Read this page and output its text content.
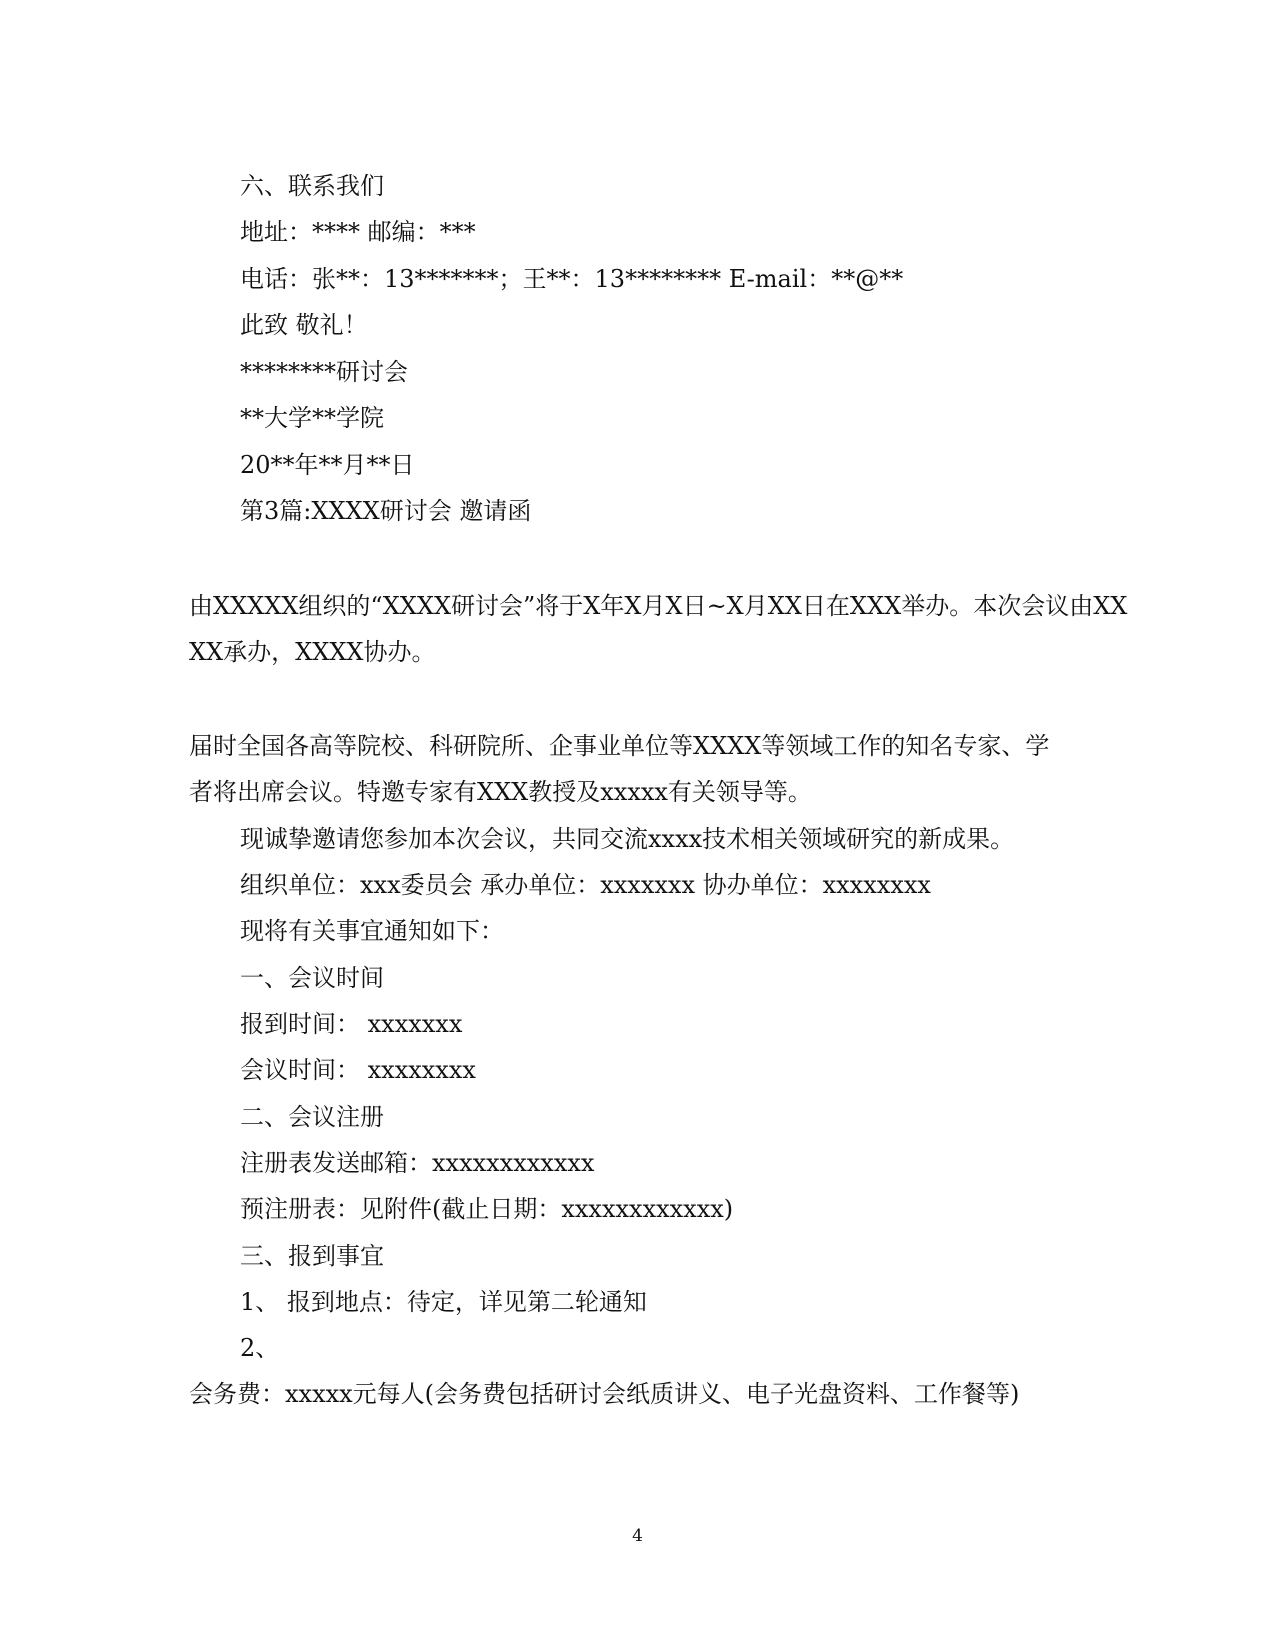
六、联系我们
地址：**** 邮编：***
电话：张**：13*******；王**：13******** E-mail：**@**
此致 敬礼！
********研讨会
**大学**学院
20**年**月**日
第3篇:XXXX研讨会 邀请函
由XXXXX组织的“XXXX研讨会”将于X年X月X日~X月XX日在XXX举办。本次会议由XX
XX承办，XXXX协办。
届时全国各高等院校、科研院所、企事业单位等XXXX等领域工作的知名专家、学
者将出席会议。特邀专家有XXX教授及xxxxx有关领导等。
现诚挚邀请您参加本次会议，共同交流xxxx技术相关领域研究的新成果。
组织单位：xxx委员会 承办单位：xxxxxxx 协办单位：xxxxxxxx
现将有关事宜通知如下：
一、会议时间
报到时间： xxxxxxx
会议时间： xxxxxxxx
二、会议注册
注册表发送邮箱：xxxxxxxxxxxx
预注册表：见附件(截止日期：xxxxxxxxxxxx)
三、报到事宜
1、 报到地点：待定，详见第二轮通知
2、
会务费：xxxxx元每人(会务费包括研讨会纸质讲义、电子光盘资料、工作餐等)
4
